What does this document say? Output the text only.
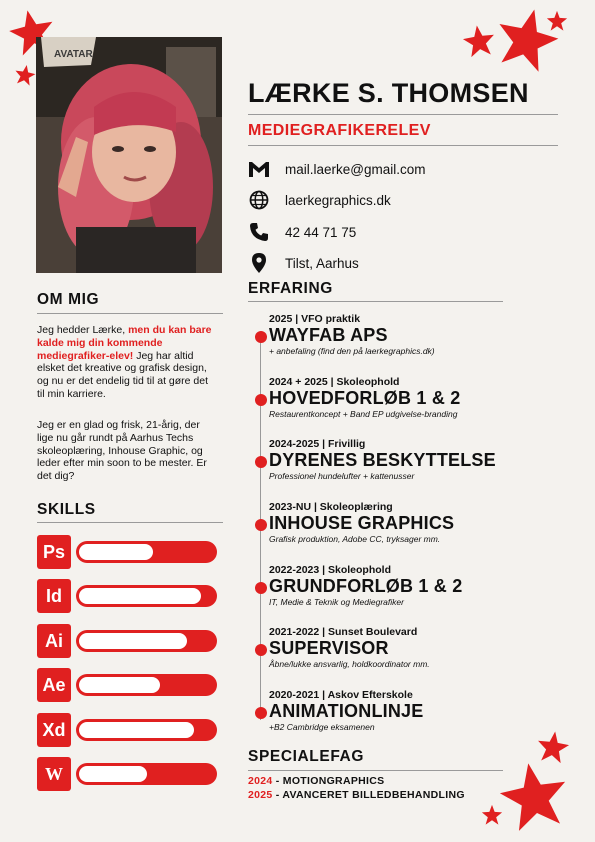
AVATAR
LÆRKE S. THOMSEN
MEDIEGRAFIKERELEV
mail.laerke@gmail.com
laerkegraphics.dk
42 44 71 75
Tilst, Aarhus
OM MIG
Jeg hedder Lærke, men du kan bare kalde mig din kommende mediegrafiker-elev! Jeg har altid elsket det kreative og grafisk design, og nu er det endelig tid til at gøre det til min karriere.
Jeg er en glad og frisk, 21-årig, der lige nu går rundt på Aarhus Techs skoleoplæring, Inhouse Graphic, og leder efter min soon to be mester. Er det dig?
SKILLS
Ps
Id
Ai
Ae
Xd
W
ERFARING
2025 | VFO praktik
WAYFAB APS
+ anbefaling (find den på laerkegraphics.dk)
2024 + 2025 | Skoleophold
HOVEDFORLØB 1 & 2
Restaurentkoncept + Band EP udgivelse-branding
2024-2025 | Frivillig
DYRENES BESKYTTELSE
Professionel hundelufter + kattenusser
2023-NU | Skoleoplæring
INHOUSE GRAPHICS
Grafisk produktion, Adobe CC, tryksager mm.
2022-2023 | Skoleophold
GRUNDFORLØB 1 & 2
IT, Medie & Teknik og Mediegrafiker
2021-2022 | Sunset Boulevard
SUPERVISOR
Åbne/lukke ansvarlig, holdkoordinator mm.
2020-2021 | Askov Efterskole
ANIMATIONLINJE
+B2 Cambridge eksamenen
SPECIALEFAG
2024 - MOTIONGRAPHICS
2025 - AVANCERET BILLEDBEHANDLING
